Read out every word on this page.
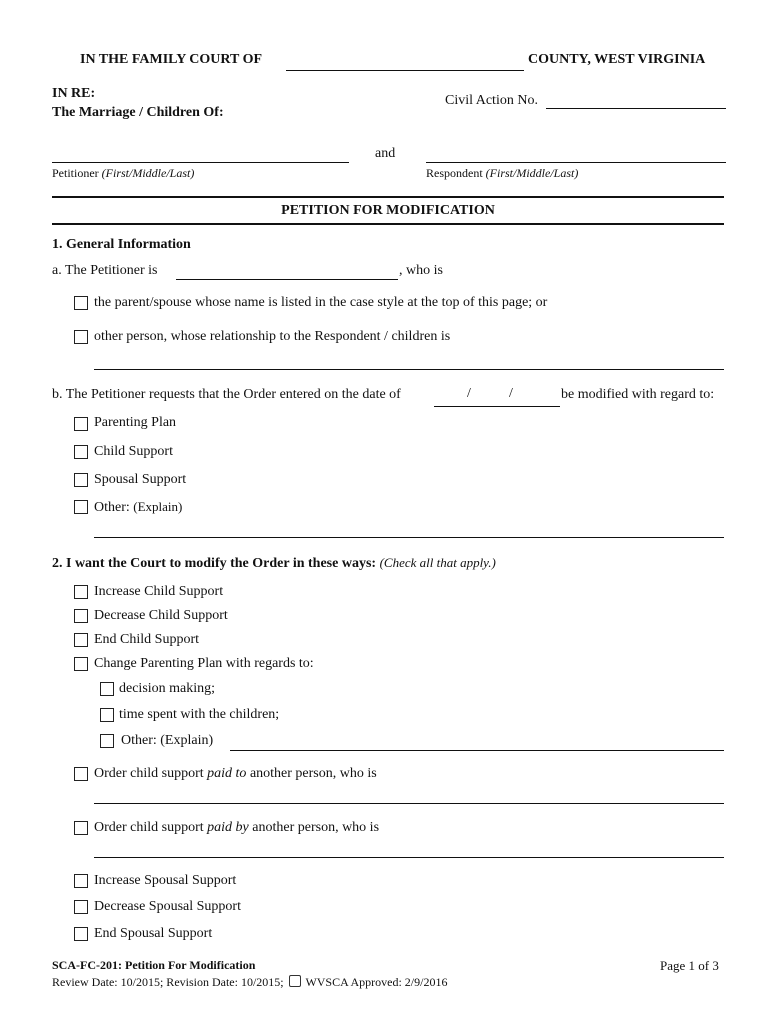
IN THE FAMILY COURT OF	COUNTY, WEST VIRGINIA
IN RE:
The Marriage / Children Of:
Civil Action No.
and
Petitioner (First/Middle/Last)	Respondent (First/Middle/Last)
PETITION FOR MODIFICATION
1. General Information
a. The Petitioner is	, who is
the parent/spouse whose name is listed in the case style at the top of this page; or
other person, whose relationship to the Respondent / children is
b. The Petitioner requests that the Order entered on the date of	/	/	be modified with regard to:
Parenting Plan
Child Support
Spousal Support
Other: (Explain)
2. I want the Court to modify the Order in these ways: (Check all that apply.)
Increase Child Support
Decrease Child Support
End Child Support
Change Parenting Plan with regards to:
decision making;
time spent with the children;
Other: (Explain)
Order child support paid to another person, who is
Order child support paid by another person, who is
Increase Spousal Support
Decrease Spousal Support
End Spousal Support
SCA-FC-201: Petition For Modification
Review Date: 10/2015; Revision Date: 10/2015; WVSCA Approved: 2/9/2016
Page 1 of 3
